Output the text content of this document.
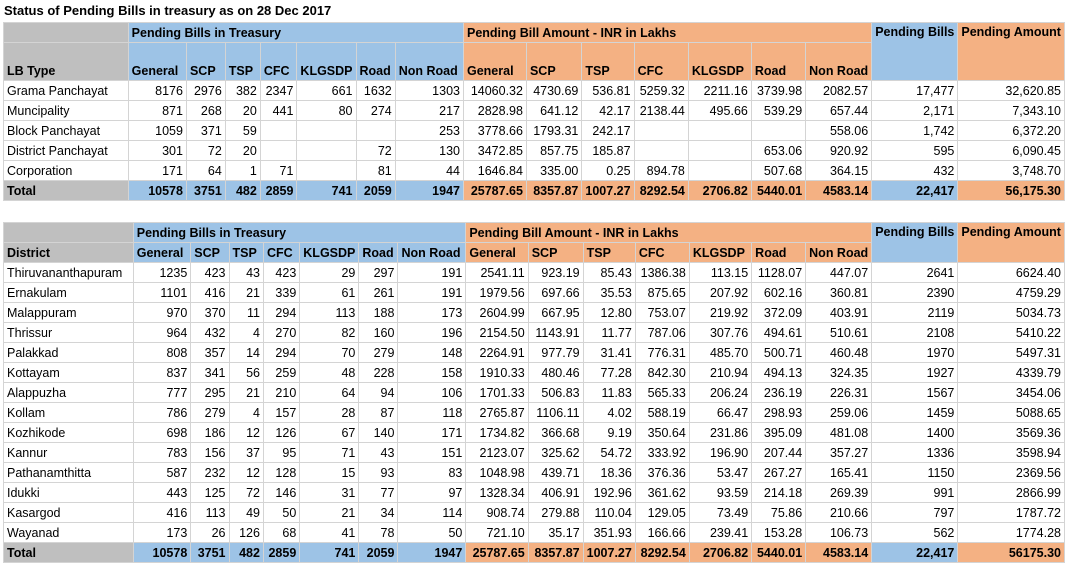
Status of Pending Bills in treasury as on 28 Dec 2017
	Pending Bills in Treasury							Pending Bill Amount - INR in Lakhs							Pending Bills	Pending Amount
LB Type	General	SCP	TSP	CFC	KLGSDP	Road	Non Road	General	SCP	TSP	CFC	KLGSDP	Road	Non Road		
Grama Panchayat	8176	2976	382	2347	661	1632	1303	14060.32	4730.69	536.81	5259.32	2211.16	3739.98	2082.57	17,477	32,620.85
Muncipality	871	268	20	441	80	274	217	2828.98	641.12	42.17	2138.44	495.66	539.29	657.44	2,171	7,343.10
Block Panchayat	1059	371	59				253	3778.66	1793.31	242.17				558.06	1,742	6,372.20
District Panchayat	301	72	20			72	130	3472.85	857.75	185.87			653.06	920.92	595	6,090.45
Corporation	171	64	1	71		81	44	1646.84	335.00	0.25	894.78		507.68	364.15	432	3,748.70
Total	10578	3751	482	2859	741	2059	1947	25787.65	8357.87	1007.27	8292.54	2706.82	5440.01	4583.14	22,417	56,175.30
	Pending Bills in Treasury							Pending Bill Amount - INR in Lakhs							Pending Bills	Pending Amount
District	General	SCP	TSP	CFC	KLGSDP	Road	Non Road	General	SCP	TSP	CFC	KLGSDP	Road	Non Road		
Thiruvananthapuram	1235	423	43	423	29	297	191	2541.11	923.19	85.43	1386.38	113.15	1128.07	447.07	2641	6624.40
Ernakulam	1101	416	21	339	61	261	191	1979.56	697.66	35.53	875.65	207.92	602.16	360.81	2390	4759.29
Malappuram	970	370	11	294	113	188	173	2604.99	667.95	12.80	753.07	219.92	372.09	403.91	2119	5034.73
Thrissur	964	432	4	270	82	160	196	2154.50	1143.91	11.77	787.06	307.76	494.61	510.61	2108	5410.22
Palakkad	808	357	14	294	70	279	148	2264.91	977.79	31.41	776.31	485.70	500.71	460.48	1970	5497.31
Kottayam	837	341	56	259	48	228	158	1910.33	480.46	77.28	842.30	210.94	494.13	324.35	1927	4339.79
Alappuzha	777	295	21	210	64	94	106	1701.33	506.83	11.83	565.33	206.24	236.19	226.31	1567	3454.06
Kollam	786	279	4	157	28	87	118	2765.87	1106.11	4.02	588.19	66.47	298.93	259.06	1459	5088.65
Kozhikode	698	186	12	126	67	140	171	1734.82	366.68	9.19	350.64	231.86	395.09	481.08	1400	3569.36
Kannur	783	156	37	95	71	43	151	2123.07	325.62	54.72	333.92	196.90	207.44	357.27	1336	3598.94
Pathanamthitta	587	232	12	128	15	93	83	1048.98	439.71	18.36	376.36	53.47	267.27	165.41	1150	2369.56
Idukki	443	125	72	146	31	77	97	1328.34	406.91	192.96	361.62	93.59	214.18	269.39	991	2866.99
Kasargod	416	113	49	50	21	34	114	908.74	279.88	110.04	129.05	73.49	75.86	210.66	797	1787.72
Wayanad	173	26	126	68	41	78	50	721.10	35.17	351.93	166.66	239.41	153.28	106.73	562	1774.28
Total	10578	3751	482	2859	741	2059	1947	25787.65	8357.87	1007.27	8292.54	2706.82	5440.01	4583.14	22,417	56175.30
